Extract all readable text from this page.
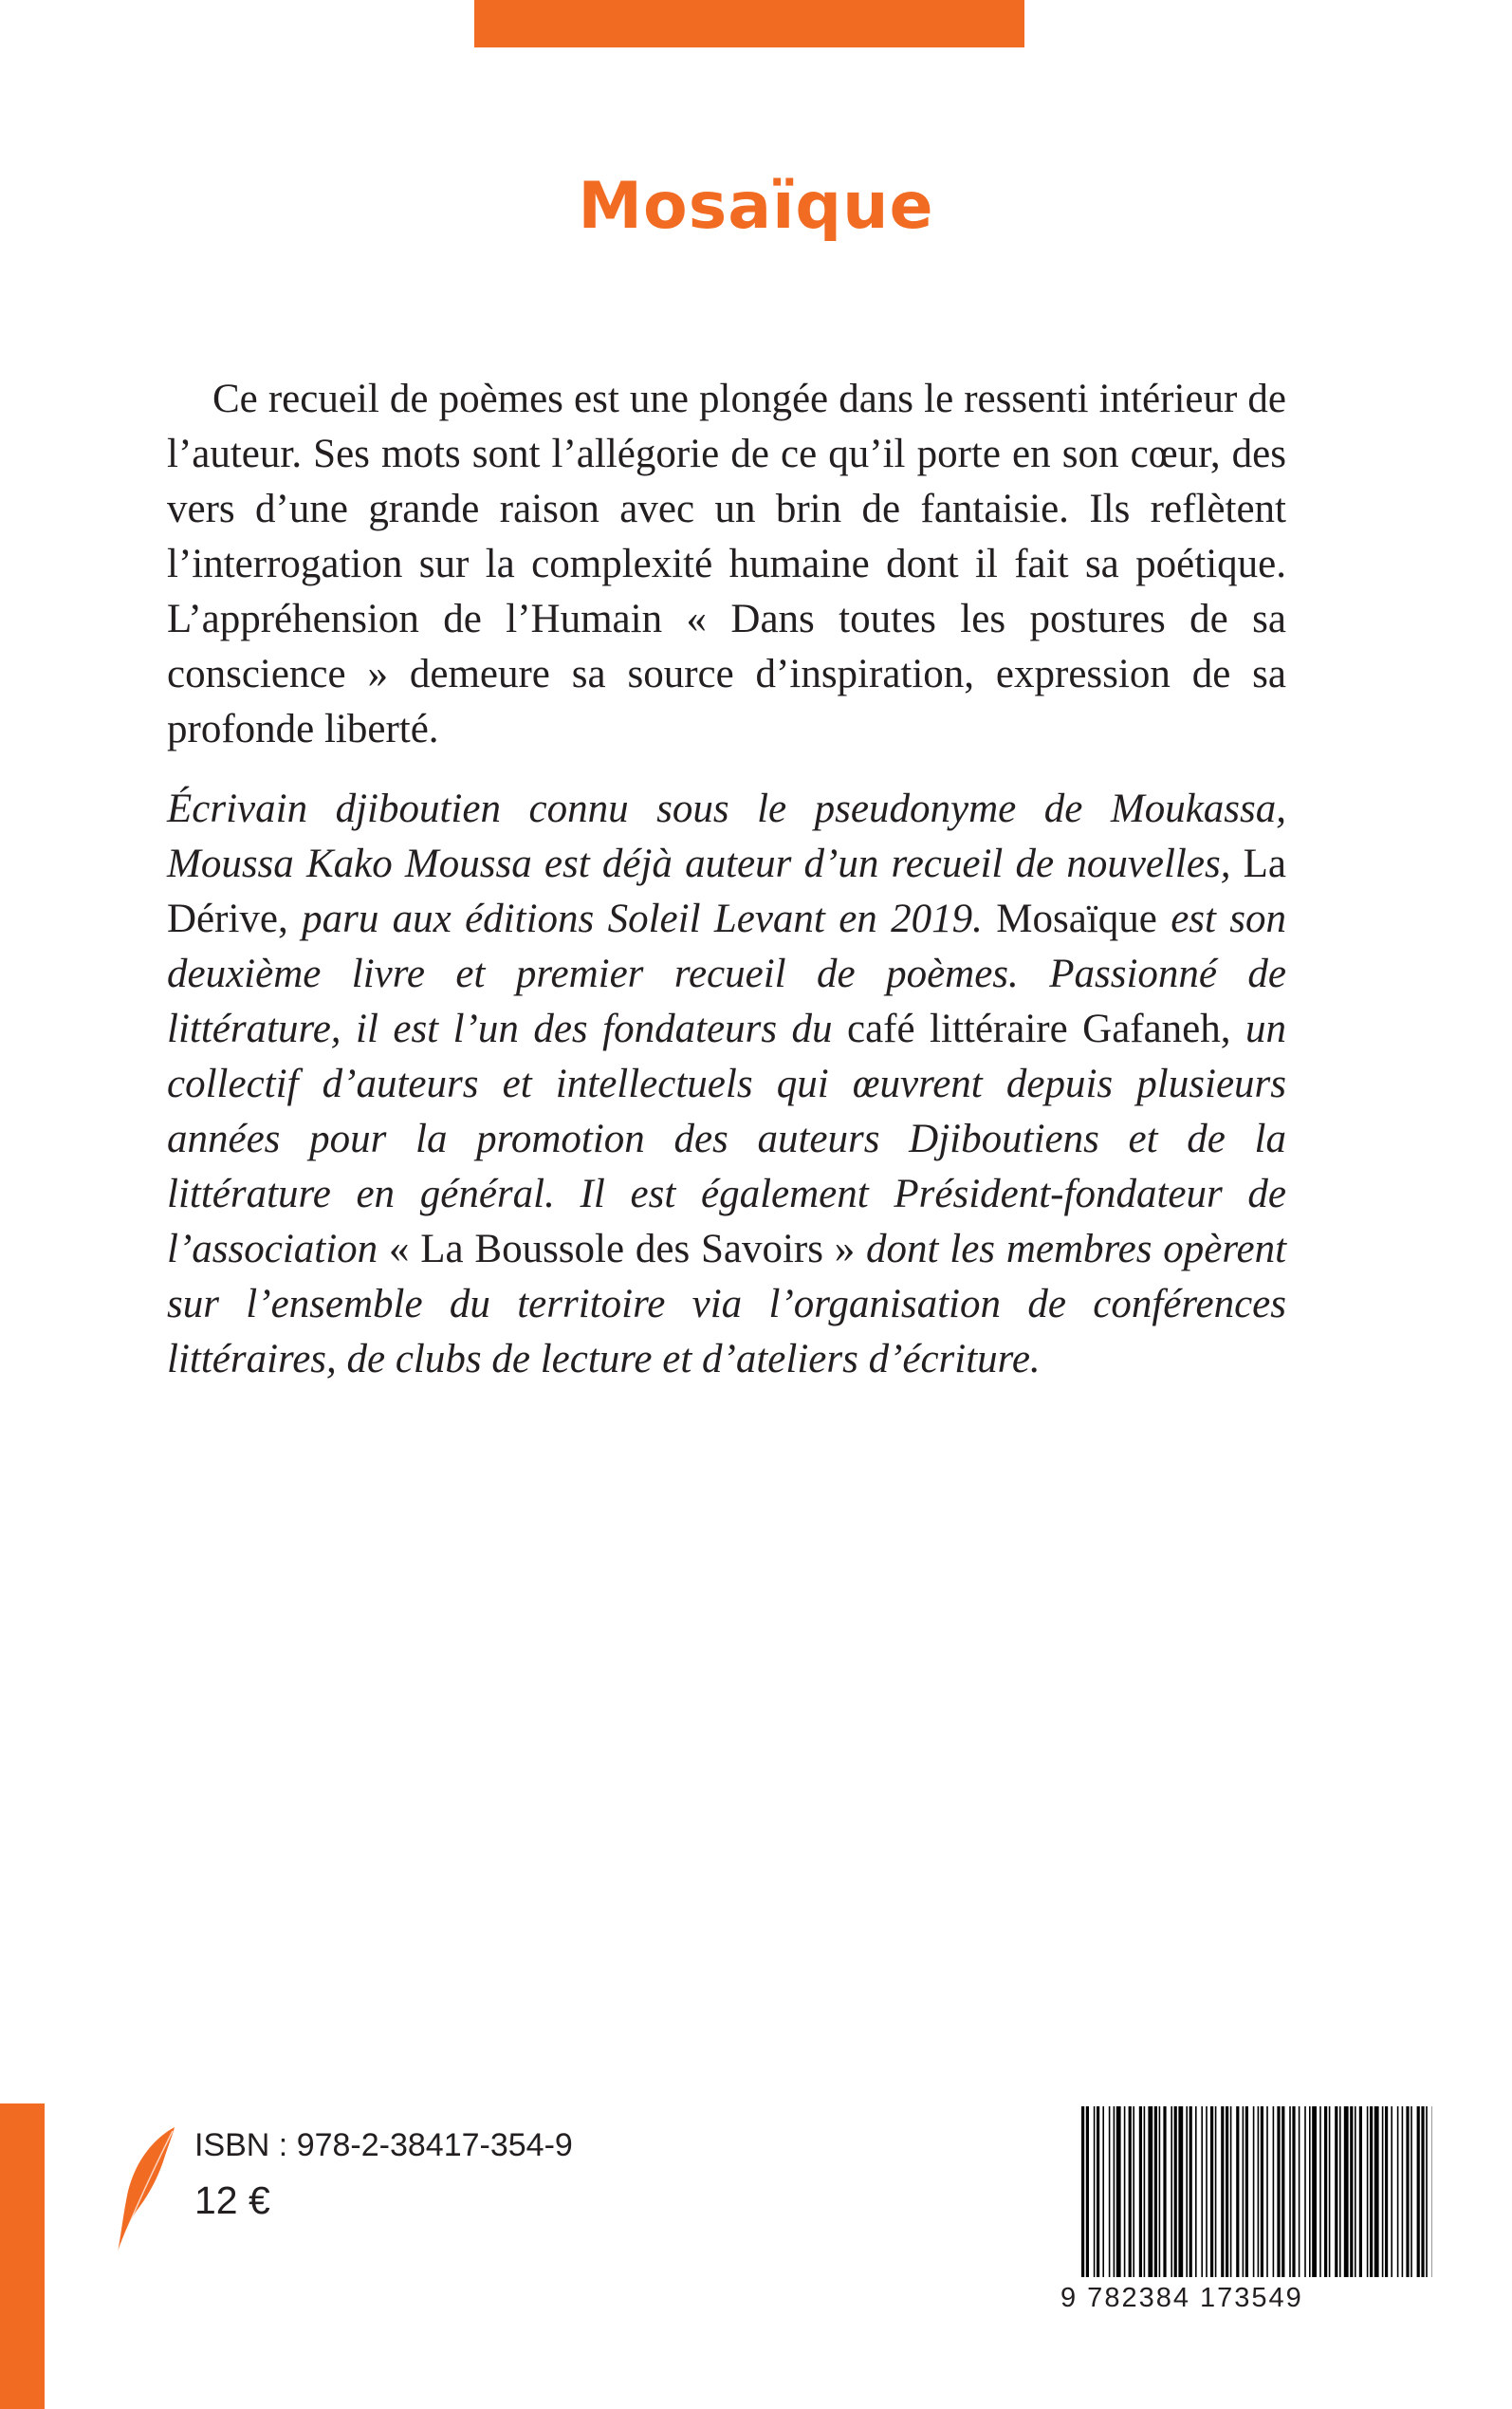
Mosaïque

Ce recueil de poèmes est une plongée dans le ressenti intérieur de l’auteur. Ses mots sont l’allégorie de ce qu’il porte en son cœur, des vers d’une grande raison avec un brin de fantaisie. Ils reflètent l’interrogation sur la complexité humaine dont il fait sa poétique. L’appréhension de l’Humain « Dans toutes les postures de sa conscience » demeure sa source d’inspiration, expression de sa profonde liberté.

Écrivain djiboutien connu sous le pseudonyme de Moukassa, Moussa Kako Moussa est déjà auteur d’un recueil de nouvelles, La Dérive, paru aux éditions Soleil Levant en 2019. Mosaïque est son deuxième livre et premier recueil de poèmes. Passionné de littérature, il est l’un des fondateurs du café littéraire Gafaneh, un collectif d’auteurs et intellectuels qui œuvrent depuis plusieurs années pour la promotion des auteurs Djiboutiens et de la littérature en général. Il est également Président-fondateur de l’association « La Boussole des Savoirs » dont les membres opèrent sur l’ensemble du territoire via l’organisation de conférences littéraires, de clubs de lecture et d’ateliers d’écriture.

ISBN : 978-2-38417-354-9

12 €

9 782384 173549
